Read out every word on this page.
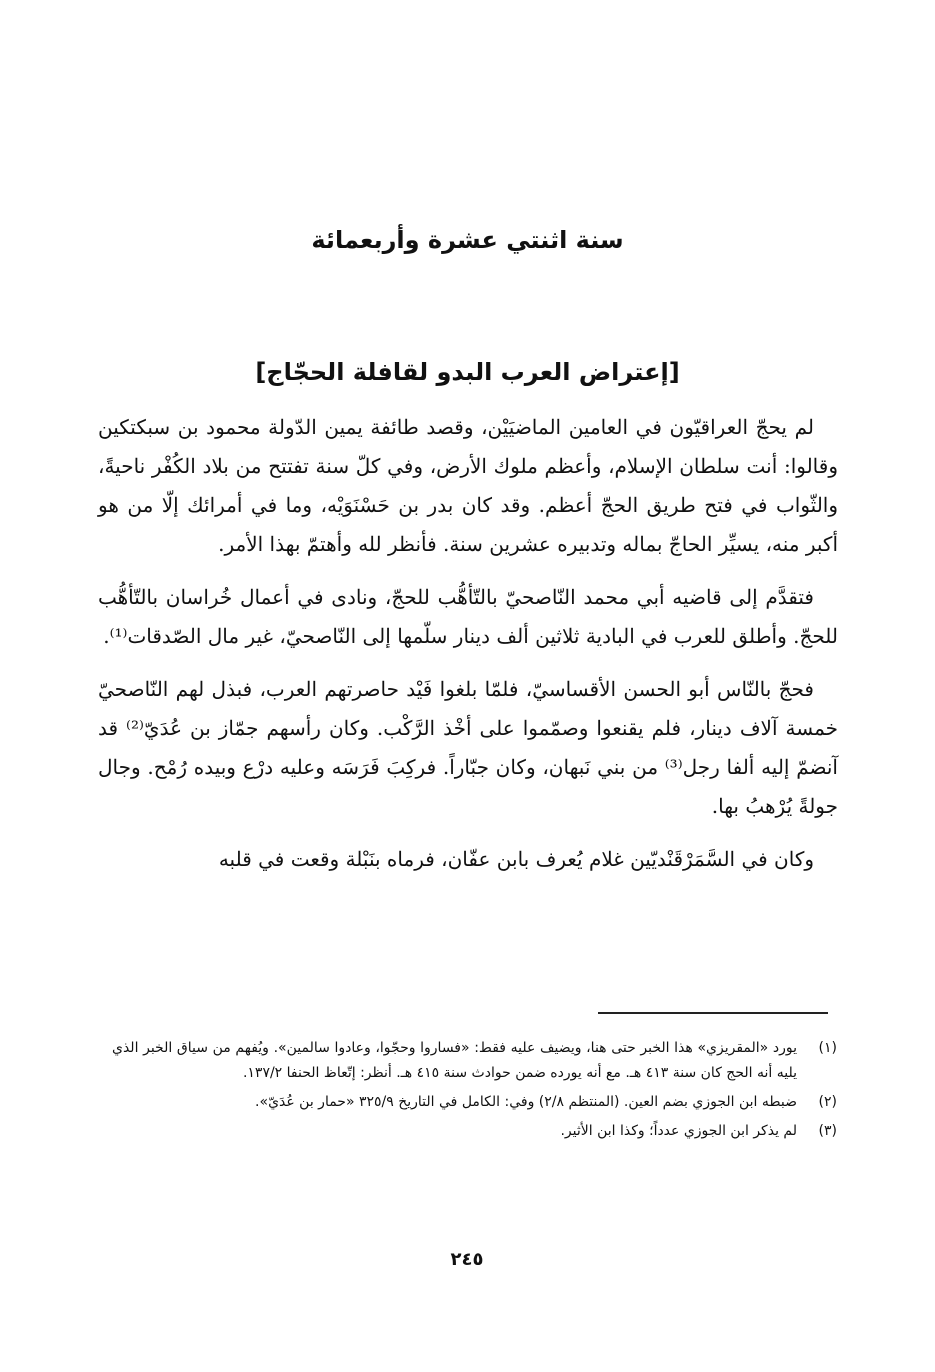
سنة اثنتي عشرة وأربعمائة
[إعتراض العرب البدو لقافلة الحجّاج]

لم يحجّ العراقيّون في العامين الماضيَيْن، وقصد طائفة يمين الدّولة محمود بن سبكتكين وقالوا: أنت سلطان الإسلام، وأعظم ملوك الأرض، وفي كلّ سنة تفتتح من بلاد الكُفْر ناحيةً، والثّواب في فتح طريق الحجّ أعظم. وقد كان بدر بن حَسْنَوَيْه، وما في أمرائك إلّا من هو أكبر منه، يسيِّر الحاجّ بماله وتدبيره عشرين سنة. فأنظر لله وأهتمّ بهذا الأمر.

فتقدَّم إلى قاضيه أبي محمد النّاصحيّ بالتّأهُّب للحجّ، ونادى في أعمال خُراسان بالتّأهُّب للحجّ. وأطلق للعرب في البادية ثلاثين ألف دينار سلّمها إلى النّاصحيّ، غير مال الصّدقات⁽¹⁾.

فحجّ بالنّاس أبو الحسن الأقساسيّ، فلمّا بلغوا فَيْد حاصرتهم العرب، فبذل لهم النّاصحيّ خمسة آلاف دينار، فلم يقنعوا وصمّموا على أخْذ الرَّكْب. وكان رأسهم جمّاز بن عُدَيّ⁽²⁾ قد آنضمّ إليه ألفا رجل⁽³⁾ من بني نَبهان، وكان جبّاراً. فركِبَ فَرَسَه وعليه درْع وبيده رُمْح. وجال جولةً يُرْهبُ بها.

وكان في السَّمَرْقَنْديّين غلام يُعرف بابن عفّان، فرماه بنَبْلة وقعت في قلبه

(١)
يورد «المقريزي» هذا الخبر حتى هنا، ويضيف عليه فقط: «فساروا وحجّوا، وعادوا سالمين». ويُفهم من سياق الخبر الذي يليه أنه الحج كان سنة ٤١٣ هـ. مع أنه يورده ضمن حوادث سنة ٤١٥ هـ. أنظر: إتّعاظ الحنفا ١٣٧/٢.
(٢)
ضبطه ابن الجوزي بضم العين. (المنتظم ٢/٨) وفي: الكامل في التاريخ ٣٢٥/٩ «حمار بن عُدَيّ».
(٣)
لم يذكر ابن الجوزي عدداً؛ وكذا ابن الأثير.
٢٤٥
